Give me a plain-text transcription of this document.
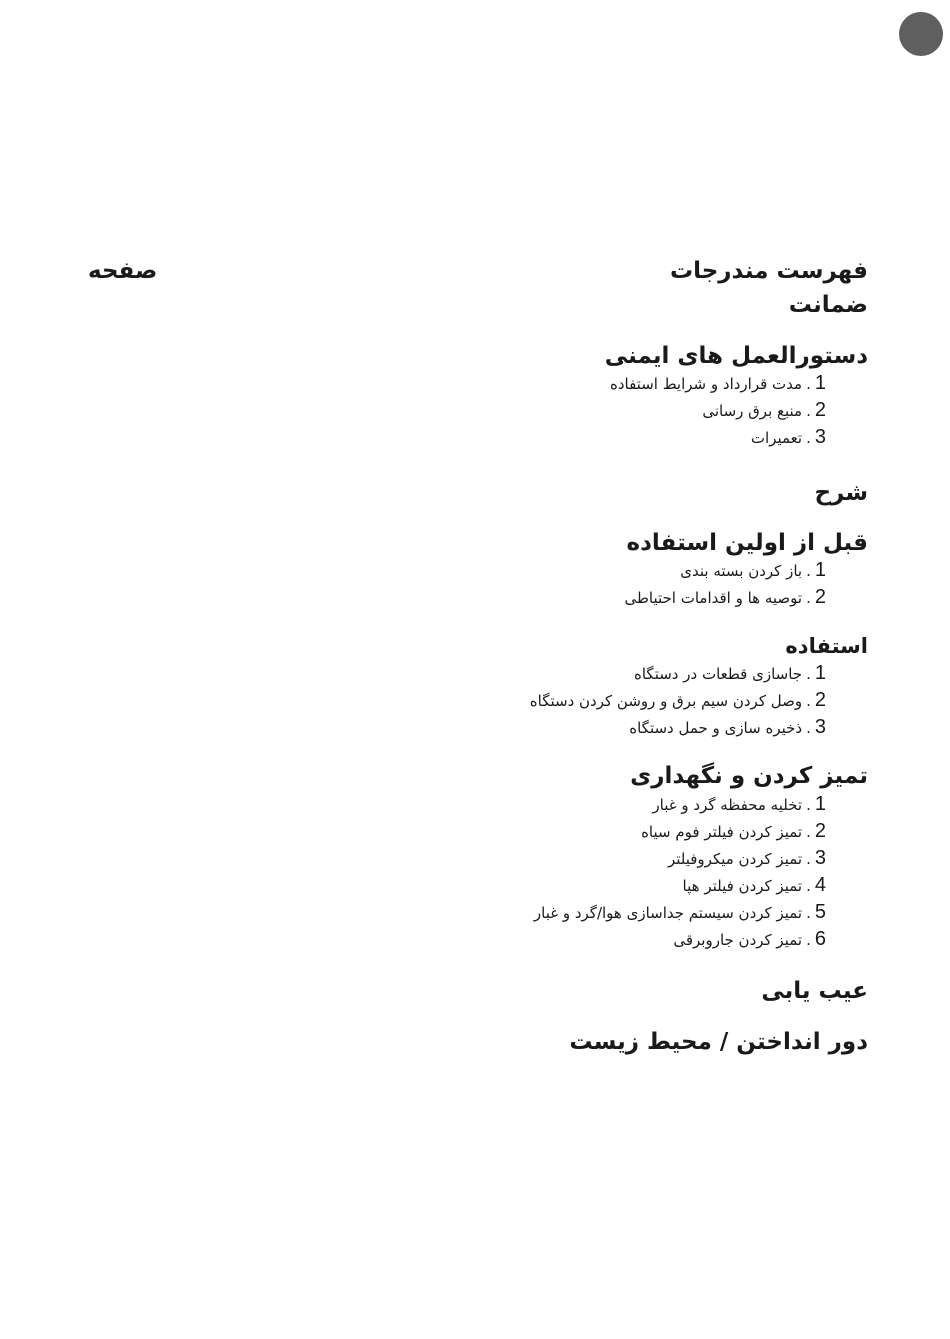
فهرست مندرجات
صفحه
ضمانت
دستورالعمل های ایمنی
1
.
مدت قرارداد و شرایط استفاده
2
.
منبع برق رسانی
3
.
تعمیرات
شرح
قبل از اولین استفاده
1
.
باز کردن بسته بندی
2
.
توصیه ها و اقدامات احتیاطی
استفاده
1
.
جاسازی قطعات در دستگاه
2
.
وصل کردن سیم برق و روشن کردن دستگاه
3
.
ذخیره سازی و حمل دستگاه
تمیز کردن و نگهداری
1
.
تخلیه محفظه گرد و غبار
2
.
تمیز کردن فیلتر فوم سیاه
3
.
تمیز کردن میکروفیلتر
4
.
تمیز کردن فیلتر هپا
5
.
تمیز کردن سیستم جداسازی هوا/گرد و غبار
6
.
تمیز کردن جاروبرقی
عیب یابی
دور انداختن / محیط زیست
